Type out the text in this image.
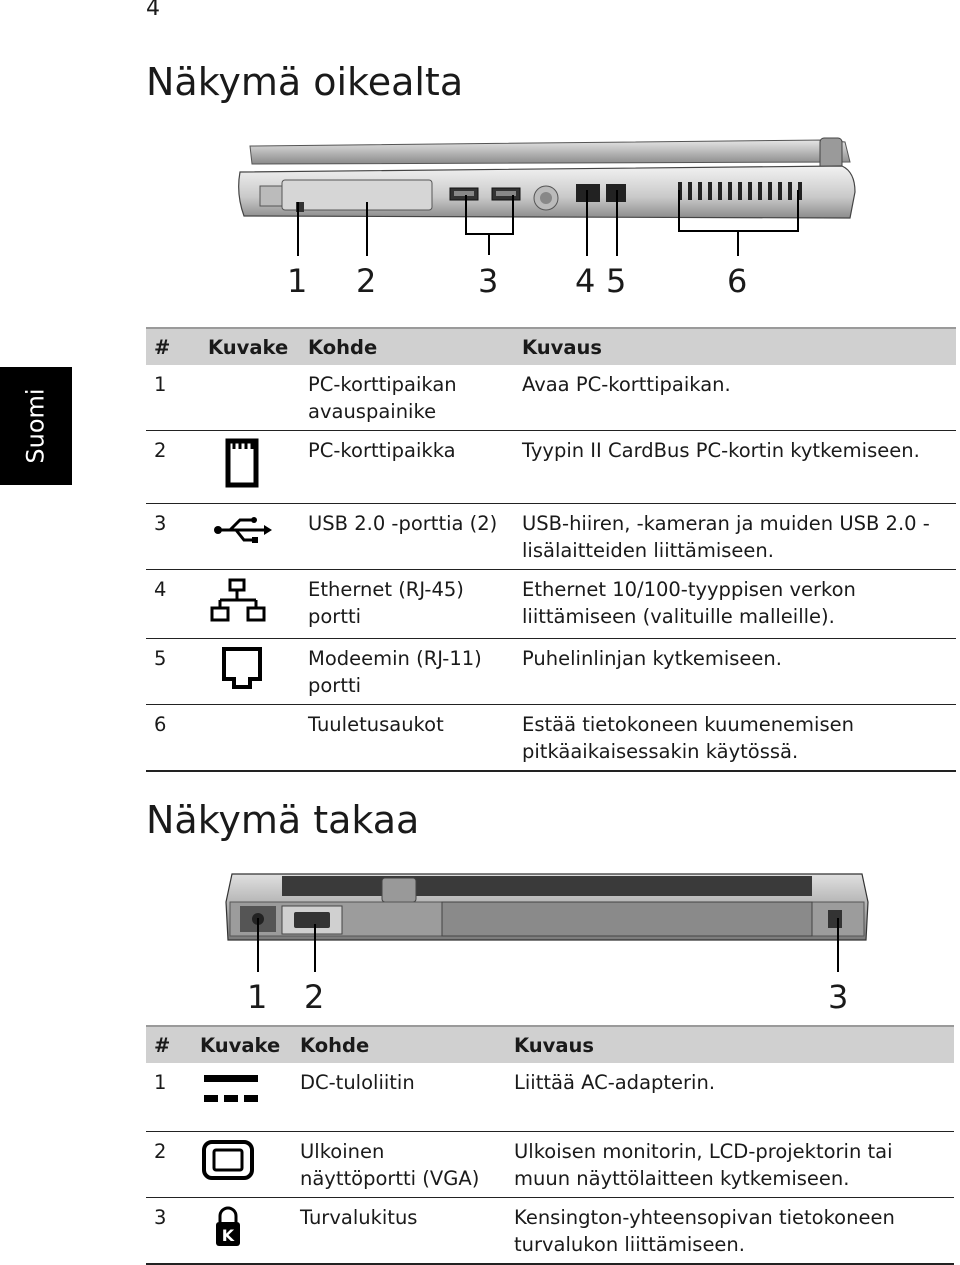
4
Suomi
Näkymä oikealta
1 2	3 4 5	6
#	Kuvake	Kohde	Kuvaus
1		PC-korttipaikan avauspainike	Avaa PC-korttipaikan.
2		PC-korttipaikka	Tyypin II CardBus PC-kortin kytkemiseen.
3		USB 2.0 -porttia (2)	USB-hiiren, -kameran ja muiden USB 2.0 - lisälaitteiden liittämiseen.
4		Ethernet (RJ-45) portti	Ethernet 10/100-tyyppisen verkon liittämiseen (valituille malleille).
5		Modeemin (RJ-11) portti	Puhelinlinjan kytkemiseen.
6		Tuuletusaukot	Estää tietokoneen kuumenemisen pitkäaikaisessakin käytössä.
Näkymä takaa
1 2	3
#	Kuvake	Kohde	Kuvaus
1		DC-tuloliitin	Liittää AC-adapterin.
2		Ulkoinen näyttöportti (VGA)	Ulkoisen monitorin, LCD-projektorin tai muun näyttölaitteen kytkemiseen.
3	K	Turvalukitus	Kensington-yhteensopivan tietokoneen turvalukon liittämiseen.
